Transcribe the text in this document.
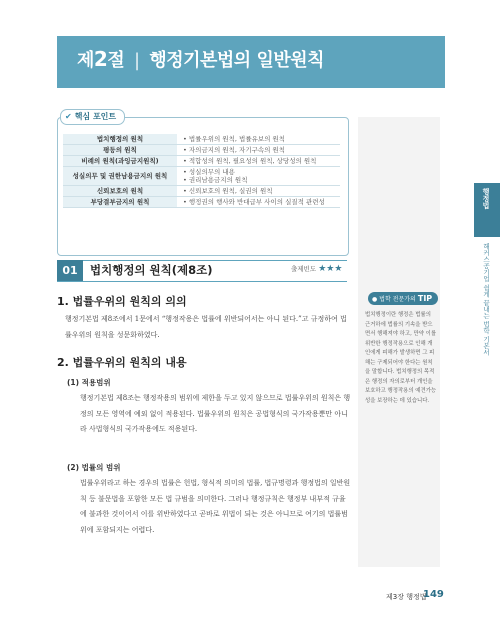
제2절 | 행정기본법의 일반원칙
✔ 핵심 포인트
법치행정의 원칙	• 법률우위의 원칙, 법률유보의 원칙
평등의 원칙	• 자의금지의 원칙, 자기구속의 원칙
비례의 원칙(과잉금지원칙)	• 적합성의 원칙, 필요성의 원칙, 상당성의 원칙
성실의무 및 권한남용금지의 원칙	• 성실의무의 내용
• 권리남용금지의 원칙

신뢰보호의 원칙	• 신뢰보호의 원칙, 실권의 원칙
부당결부금지의 원칙	• 행정권의 행사와 반대급부 사이의 실질적 관련성
● 법학 전문가의 TIP
법치행정이란 행정은 법률의 근거하에 법률의 기속을 받으면서 행해져야 하고, 만약 이를 위반한 행정작용으로 인해 개인에게 피해가 발생하면 그 피해는 구제되어야 한다는 원칙을 말합니다. 법치행정의 목적은 행정의 자의로부터 개인을 보호하고 행정작용의 예견가능성을 보장하는 데 있습니다.
행정법
해커스공기업 쉽게 끝내는 법학 기본서
01	법치행정의 원칙(제8조)	출제빈도 ★★★
1. 법률우위의 원칙의 의의
행정기본법 제8조에서 1문에서 “행정작용은 법률에 위반되어서는 아니 된다.”고 규정하여 법률우위의 원칙을 성문화하였다.
2. 법률우위의 원칙의 내용
(1) 적용범위
행정기본법 제8조는 행정작용의 범위에 제한을 두고 있지 않으므로 법률우위의 원칙은 행정의 모든 영역에 예외 없이 적용된다. 법률우위의 원칙은 공법형식의 국가작용뿐만 아니라 사법형식의 국가작용에도 적용된다.
(2) 법률의 범위
법률우위라고 하는 경우의 법률은 헌법, 형식적 의미의 법률, 법규명령과 행정법의 일반원칙 등 불문법을 포함한 모든 법 규범을 의미한다. 그러나 행정규칙은 행정부 내부적 규율에 불과한 것이어서 이를 위반하였다고 곧바로 위법이 되는 것은 아니므로 여기의 법률범위에 포함되지는 어렵다.
제3장 행정법
149
